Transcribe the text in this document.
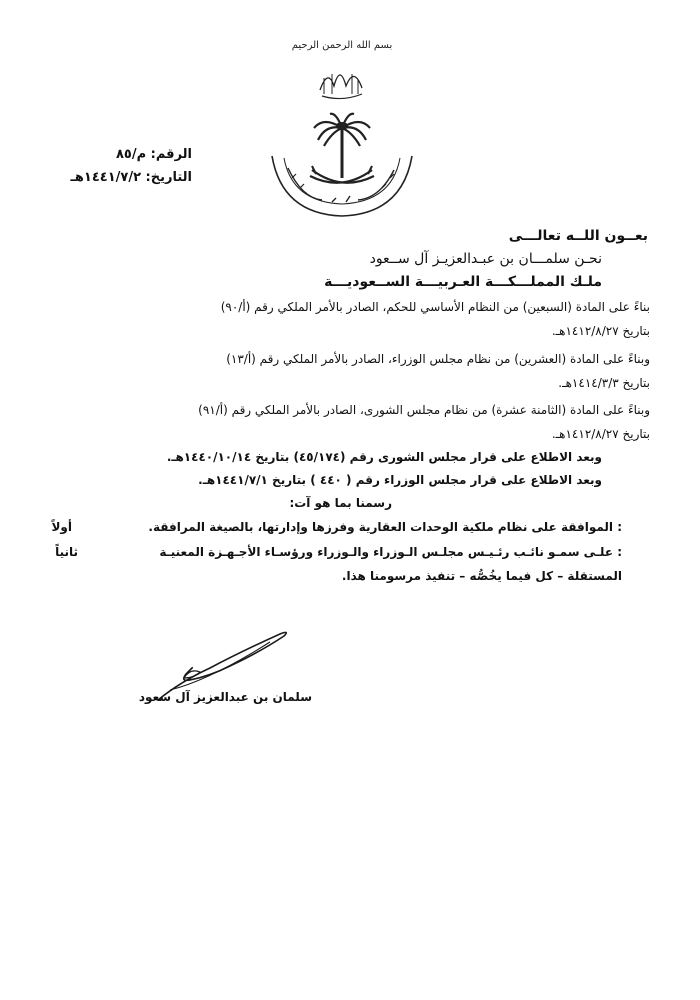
بسم الله الرحمن الرحيم
المملكة العربية السعودية
لا إله إلا الله محمد رسول الله
الرقم: م/٨٥
التاريخ: ١٤٤١/٧/٢هـ
بعــون اللــه تعالـــى
نحـن سلمـــان بن عبـدالعزيـز آل ســعود
ملـك المملـــكـــة العـربيـــة الســعوديـــة
بناءً على المادة (السبعين) من النظام الأساسي للحكم، الصادر بالأمر الملكي رقم (أ/٩٠)
بتاريخ ١٤١٢/٨/٢٧هـ.
وبناءً على المادة (العشرين) من نظام مجلس الوزراء، الصادر بالأمر الملكي رقم (أ/١٣)
بتاريخ ١٤١٤/٣/٣هـ.
وبناءً على المادة (الثامنة عشرة) من نظام مجلس الشورى، الصادر بالأمر الملكي رقم (أ/٩١)
بتاريخ ١٤١٢/٨/٢٧هـ.
وبعد الاطلاع على قرار مجلس الشورى رقم (٤٥/١٧٤) بتاريخ ١٤٤٠/١٠/١٤هـ.
وبعد الاطلاع على قرار مجلس الوزراء رقم ( ٤٤٠ ) بتاريخ ١٤٤١/٧/١هـ.
رسمنا بما هو آت:
أولاً	: الموافقة على نظام ملكية الوحدات العقارية وفرزها وإدارتها، بالصيغة المرافقة.
ثانياً	: علـى سمـو نائـب رئـيـس مجلـس الـوزراء والـوزراء ورؤسـاء الأجـهـزة المعنيـة
المستقلة – كل فيما يخُصُّه – تنفيذ مرسومنا هذا.
سلمان بن عبدالعزيز آل سعود
